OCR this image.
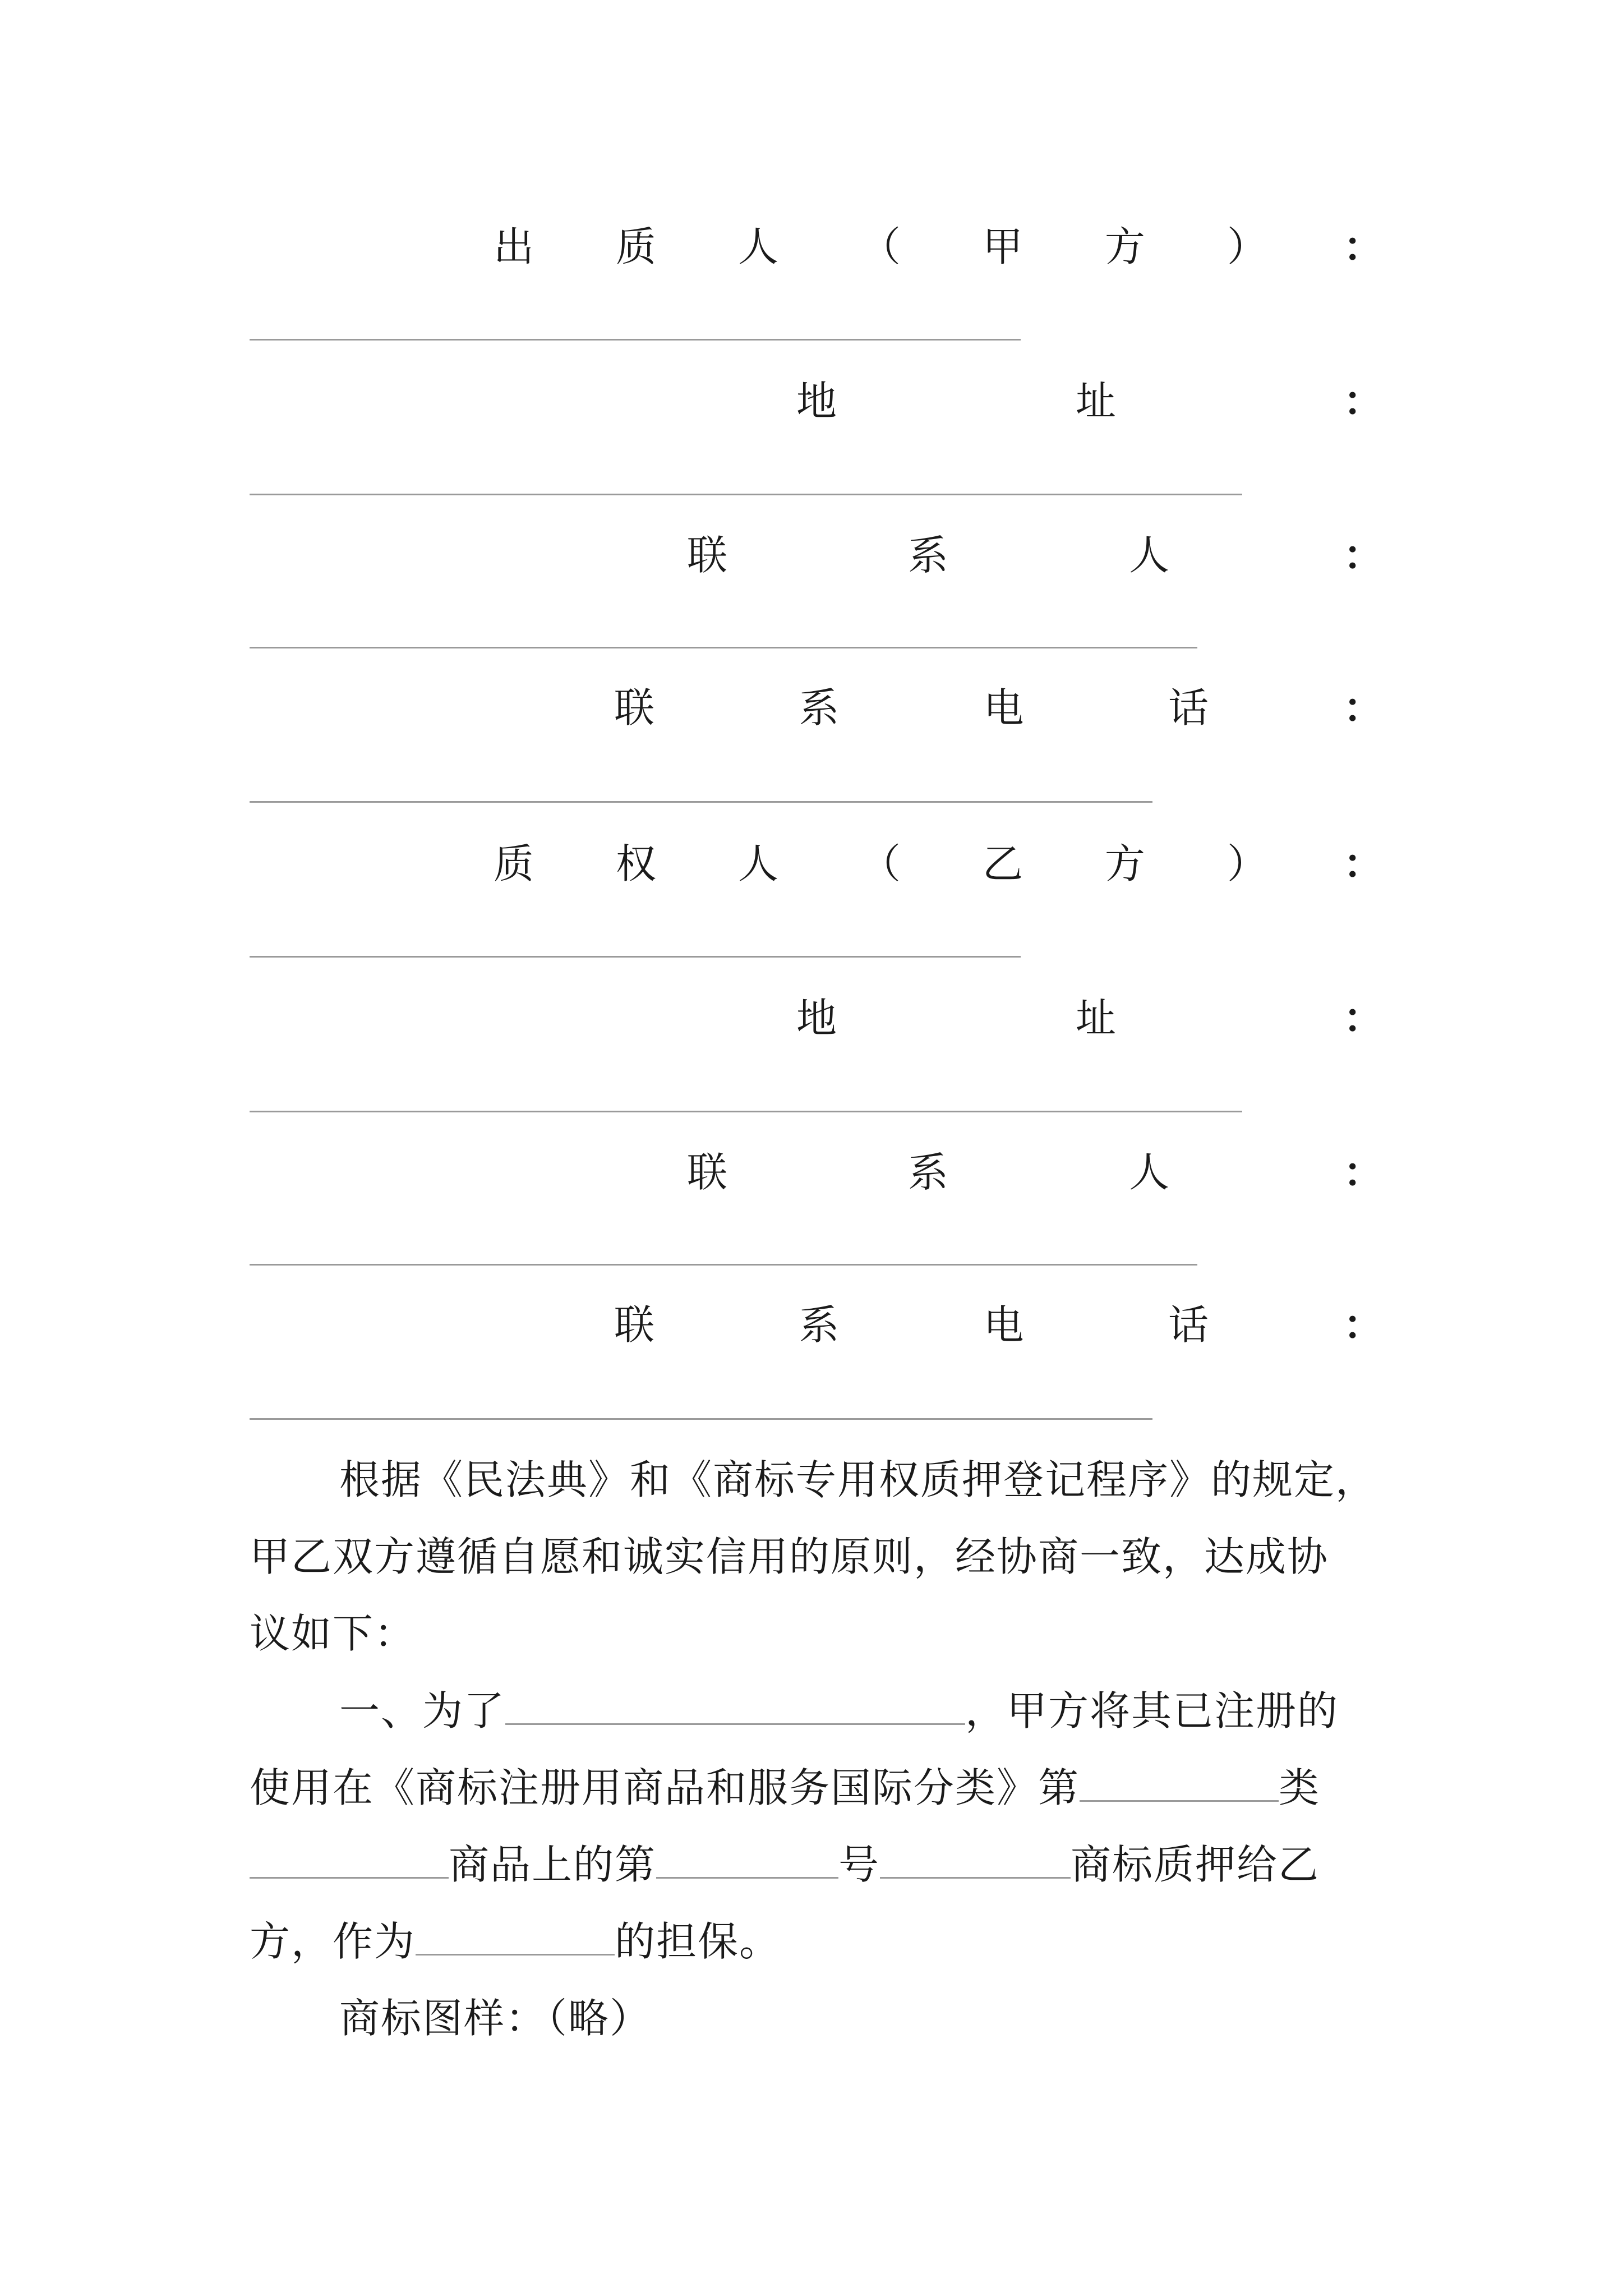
出 质 人 （ 甲 方 ） ：
地	址	：
联	系	人	：
联	系	电	话	：
质 权 人 （ 乙 方 ） ：
地	址	：
联	系	人	：
联	系	电	话	：
根据《民法典》和《商标专用权质押登记程序》的规定，
甲乙双方遵循自愿和诚实信用的原则，经协商一致，达成协
议如下：
一、为了	，甲方将其已注册的
使用在《商标注册用商品和服务国际分类》第	类
商品上的第	号	商标质押给乙
方，作为	的担保。
商标图样：（略）
